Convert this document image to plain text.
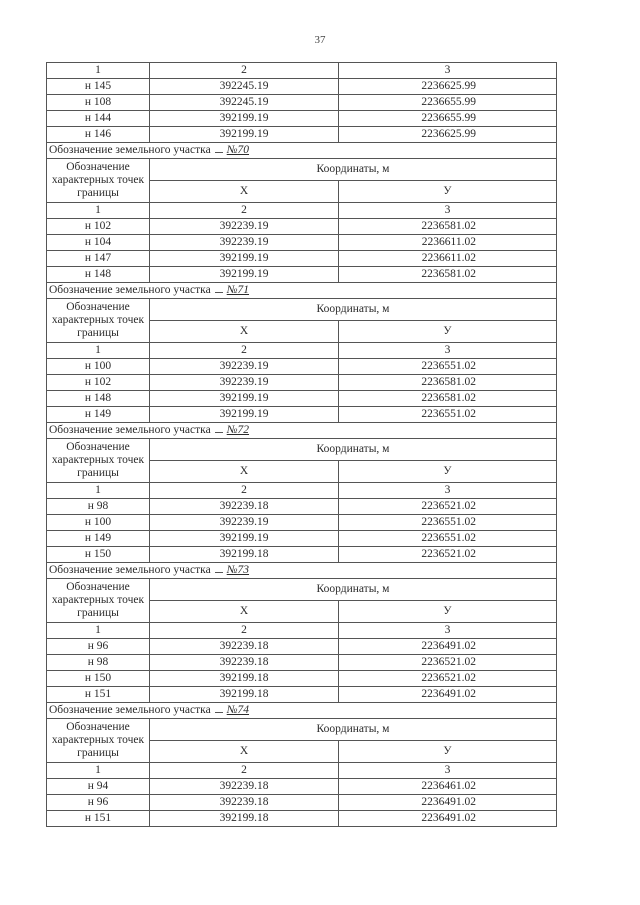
37
1	2	3
н 145	392245.19	2236625.99
н 108	392245.19	2236655.99
н 144	392199.19	2236655.99
н 146	392199.19	2236625.99
Обозначение земельного участка №70		
Обозначение характерных точек границы	Координаты, м	
	X	У
1	2	3
н 102	392239.19	2236581.02
н 104	392239.19	2236611.02
н 147	392199.19	2236611.02
н 148	392199.19	2236581.02
Обозначение земельного участка №71		
Обозначение характерных точек границы	Координаты, м	
	X	У
1	2	3
н 100	392239.19	2236551.02
н 102	392239.19	2236581.02
н 148	392199.19	2236581.02
н 149	392199.19	2236551.02
Обозначение земельного участка №72		
Обозначение характерных точек границы	Координаты, м	
	X	У
1	2	3
н 98	392239.18	2236521.02
н 100	392239.19	2236551.02
н 149	392199.19	2236551.02
н 150	392199.18	2236521.02
Обозначение земельного участка №73		
Обозначение характерных точек границы	Координаты, м	
	X	У
1	2	3
н 96	392239.18	2236491.02
н 98	392239.18	2236521.02
н 150	392199.18	2236521.02
н 151	392199.18	2236491.02
Обозначение земельного участка №74		
Обозначение характерных точек границы	Координаты, м	
	X	У
1	2	3
н 94	392239.18	2236461.02
н 96	392239.18	2236491.02
н 151	392199.18	2236491.02
